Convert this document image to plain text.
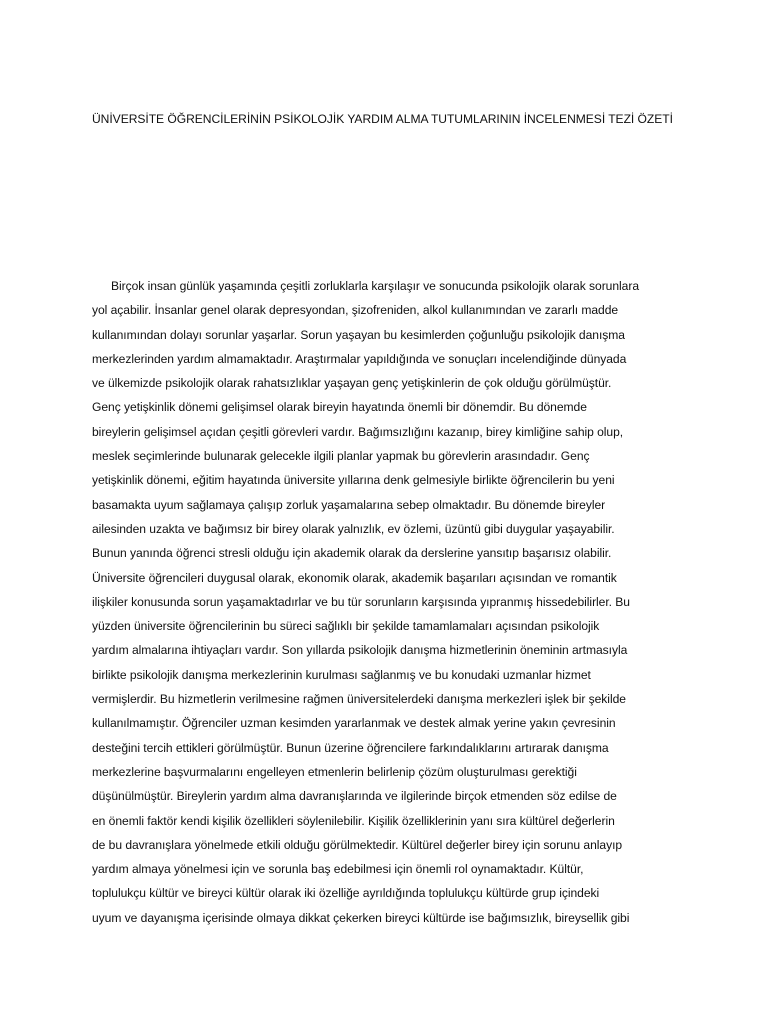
ÜNİVERSİTE ÖĞRENCİLERİNİN PSİKOLOJİK YARDIM ALMA TUTUMLARININ İNCELENMESİ TEZİ ÖZETİ
Birçok insan günlük yaşamında çeşitli zorluklarla karşılaşır ve sonucunda psikolojik olarak sorunlara
yol açabilir. İnsanlar genel olarak depresyondan, şizofreniden, alkol kullanımından ve zararlı madde
kullanımından dolayı sorunlar yaşarlar. Sorun yaşayan bu kesimlerden çoğunluğu psikolojik danışma
merkezlerinden yardım almamaktadır. Araştırmalar yapıldığında ve sonuçları incelendiğinde dünyada
ve ülkemizde psikolojik olarak rahatsızlıklar yaşayan genç yetişkinlerin de çok olduğu görülmüştür.
Genç yetişkinlik dönemi gelişimsel olarak bireyin hayatında önemli bir dönemdir. Bu dönemde
bireylerin gelişimsel açıdan çeşitli görevleri vardır. Bağımsızlığını kazanıp, birey kimliğine sahip olup,
meslek seçimlerinde bulunarak gelecekle ilgili planlar yapmak bu görevlerin arasındadır. Genç
yetişkinlik dönemi, eğitim hayatında üniversite yıllarına denk gelmesiyle birlikte öğrencilerin bu yeni
basamakta uyum sağlamaya çalışıp zorluk yaşamalarına sebep olmaktadır. Bu dönemde bireyler
ailesinden uzakta ve bağımsız bir birey olarak yalnızlık, ev özlemi, üzüntü gibi duygular yaşayabilir.
Bunun yanında öğrenci stresli olduğu için akademik olarak da derslerine yansıtıp başarısız olabilir.
Üniversite öğrencileri duygusal olarak, ekonomik olarak, akademik başarıları açısından ve romantik
ilişkiler konusunda sorun yaşamaktadırlar ve bu tür sorunların karşısında yıpranmış hissedebilirler. Bu
yüzden üniversite öğrencilerinin bu süreci sağlıklı bir şekilde tamamlamaları açısından psikolojik
yardım almalarına ihtiyaçları vardır. Son yıllarda psikolojik danışma hizmetlerinin öneminin artmasıyla
birlikte psikolojik danışma merkezlerinin kurulması sağlanmış ve bu konudaki uzmanlar hizmet
vermişlerdir. Bu hizmetlerin verilmesine rağmen üniversitelerdeki danışma merkezleri işlek bir şekilde
kullanılmamıştır. Öğrenciler uzman kesimden yararlanmak ve destek almak yerine yakın çevresinin
desteğini tercih ettikleri görülmüştür. Bunun üzerine öğrencilere farkındalıklarını artırarak danışma
merkezlerine başvurmalarını engelleyen etmenlerin belirlenip çözüm oluşturulması gerektiği
düşünülmüştür. Bireylerin yardım alma davranışlarında ve ilgilerinde birçok etmenden söz edilse de
en önemli faktör kendi kişilik özellikleri söylenilebilir. Kişilik özelliklerinin yanı sıra kültürel değerlerin
de bu davranışlara yönelmede etkili olduğu görülmektedir. Kültürel değerler birey için sorunu anlayıp
yardım almaya yönelmesi için ve sorunla baş edebilmesi için önemli rol oynamaktadır. Kültür,
toplulukçu kültür ve bireyci kültür olarak iki özelliğe ayrıldığında toplulukçu kültürde grup içindeki
uyum ve dayanışma içerisinde olmaya dikkat çekerken bireyci kültürde ise bağımsızlık, bireysellik gibi
